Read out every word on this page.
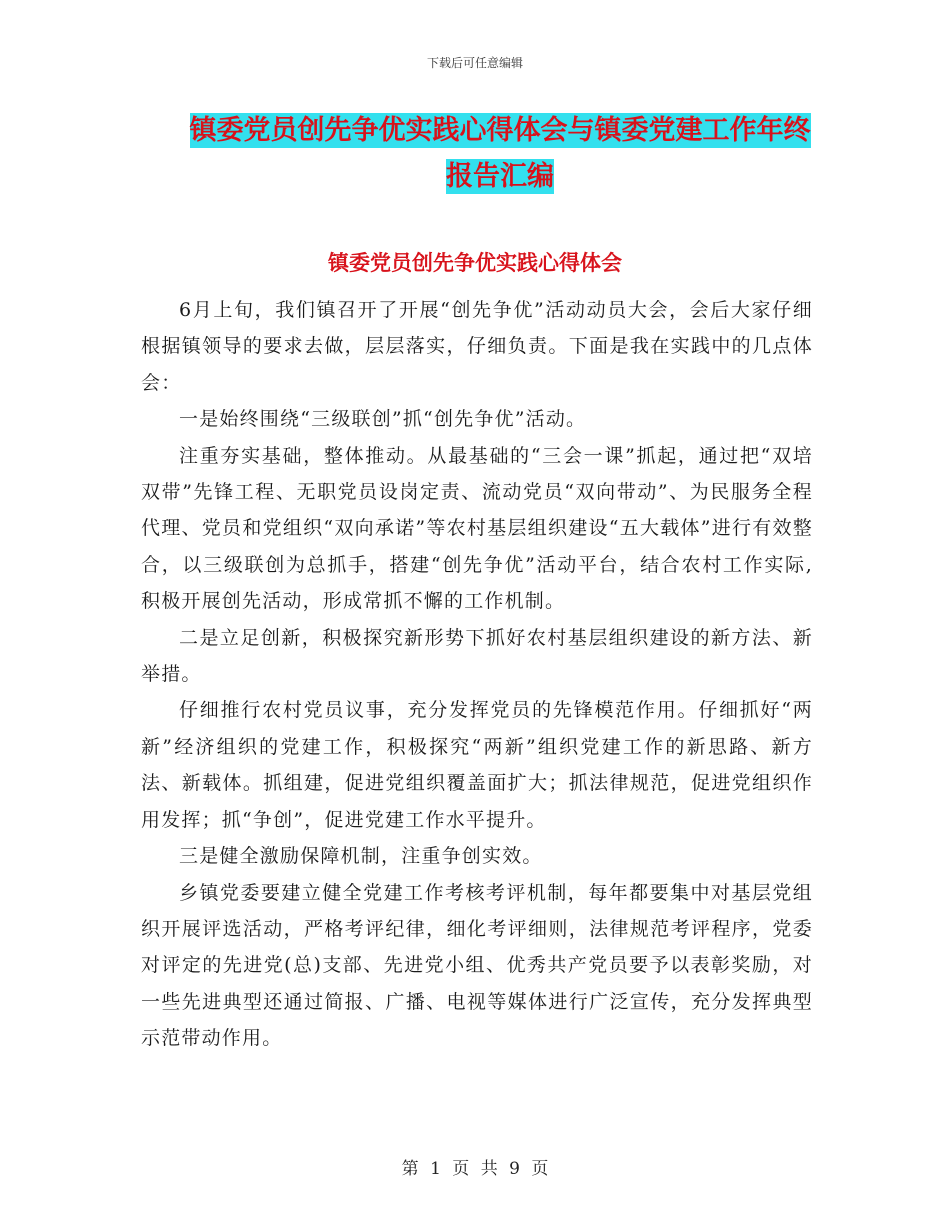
下载后可任意编辑
镇委党员创先争优实践心得体会与镇委党建工作年终
报告汇编
镇委党员创先争优实践心得体会

6月上旬，我们镇召开了开展“创先争优”活动动员大会，会后大家仔细根据镇领导的要求去做，层层落实，仔细负责。下面是我在实践中的几点体会：

一是始终围绕“三级联创”抓“创先争优”活动。

注重夯实基础，整体推动。从最基础的“三会一课”抓起，通过把“双培双带”先锋工程、无职党员设岗定责、流动党员“双向带动”、为民服务全程代理、党员和党组织“双向承诺”等农村基层组织建设“五大载体”进行有效整合，以三级联创为总抓手，搭建“创先争优”活动平台，结合农村工作实际,积极开展创先活动，形成常抓不懈的工作机制。

二是立足创新，积极探究新形势下抓好农村基层组织建设的新方法、新举措。

仔细推行农村党员议事，充分发挥党员的先锋模范作用。仔细抓好“两新”经济组织的党建工作，积极探究“两新”组织党建工作的新思路、新方法、新载体。抓组建，促进党组织覆盖面扩大；抓法律规范，促进党组织作用发挥；抓“争创”，促进党建工作水平提升。

三是健全激励保障机制，注重争创实效。

乡镇党委要建立健全党建工作考核考评机制，每年都要集中对基层党组织开展评选活动，严格考评纪律，细化考评细则，法律规范考评程序，党委对评定的先进党(总)支部、先进党小组、优秀共产党员要予以表彰奖励，对一些先进典型还通过简报、广播、电视等媒体进行广泛宣传，充分发挥典型示范带动作用。

第 1 页 共 9 页
